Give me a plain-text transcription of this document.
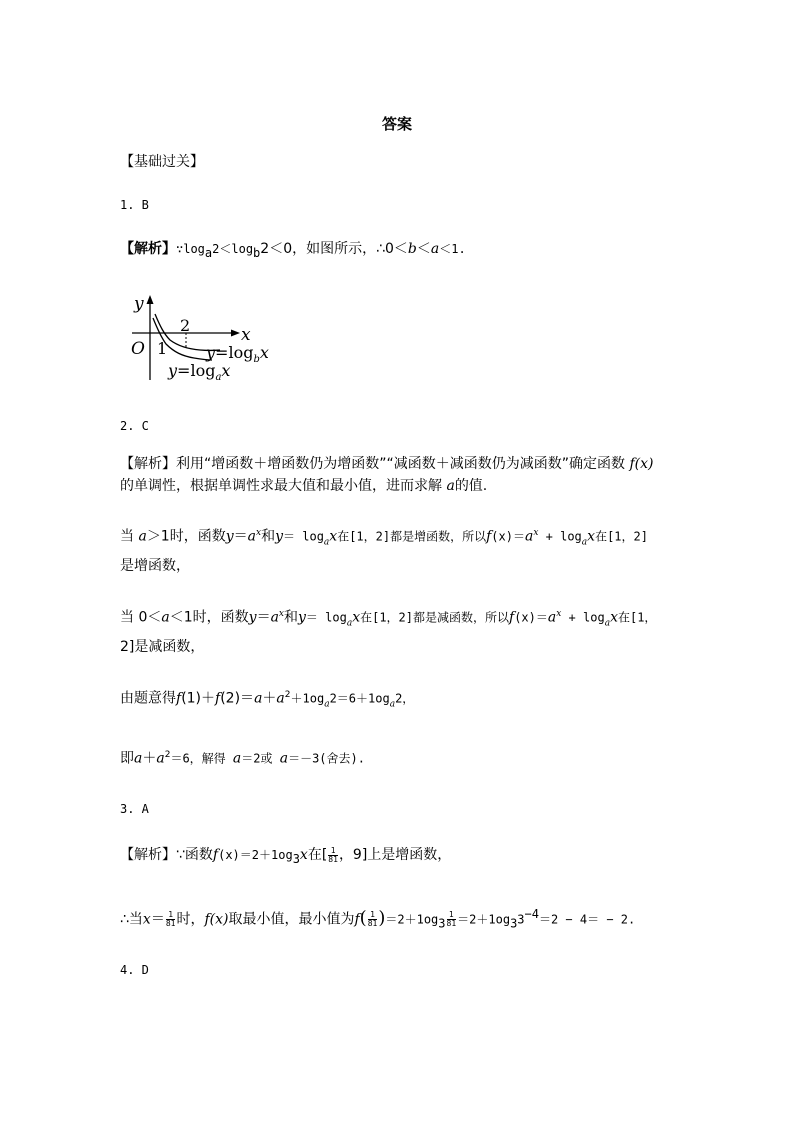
答案
【基础过关】
1. B
【解析】$\because\log_a2<\log_b2<0$，如图所示，∴0＜b＜a＜1.
y
x
O 1
2
$y=\log_bx$
$y=\log_ax$
2. C
【解析】利用“增函数＋增函数仍为增函数”“减函数＋减函数仍为减函数”确定函数 f(x)
的单调性，根据单调性求最大值和最小值，进而求解 a的值.
当 a＞1时，函数$y=a^x$和$y= \log_ax$在[1，2]都是增函数，所以$f(x)=a^x + \log_ax$在[1，2]
是增函数，
当 0＜a＜1时，函数$y=a^x$和$y= \log_ax$在[1，2]都是减函数，所以$f(x)=a^x + \log_ax$在[1，
2]是减函数，
由题意得$f(1)+f(2)=a+a^2+1og_a2=6+1og_a2$，
即$a+a^2=6$，解得 a＝2或 a＝－3(舍去).
3. A
【解析】∵函数$f(x)=2+1og_3x$在[ $\frac{1}{81}$ ，9]上是增函数，
∴当$x= \frac{1}{81}$ 时，f(x)取最小值，最小值为$f( \frac{1}{81} )=2+1og_3 \frac{1}{81} =2+1og_33^{-4}=2 - 4= - 2$.
4. D
